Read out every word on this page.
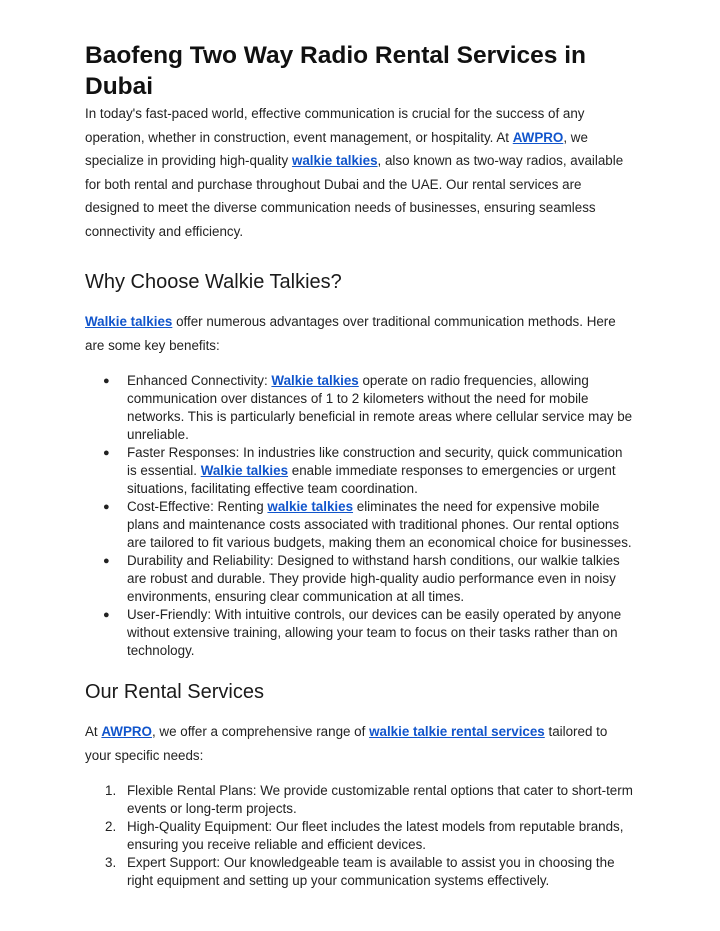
Baofeng Two Way Radio Rental Services in Dubai

In today's fast-paced world, effective communication is crucial for the success of any operation, whether in construction, event management, or hospitality. At AWPRO, we specialize in providing high-quality walkie talkies, also known as two-way radios, available for both rental and purchase throughout Dubai and the UAE. Our rental services are designed to meet the diverse communication needs of businesses, ensuring seamless connectivity and efficiency.

Why Choose Walkie Talkies?

Walkie talkies offer numerous advantages over traditional communication methods. Here are some key benefits:

● Enhanced Connectivity: Walkie talkies operate on radio frequencies, allowing communication over distances of 1 to 2 kilometers without the need for mobile networks. This is particularly beneficial in remote areas where cellular service may be unreliable.
● Faster Responses: In industries like construction and security, quick communication is essential. Walkie talkies enable immediate responses to emergencies or urgent situations, facilitating effective team coordination.
● Cost-Effective: Renting walkie talkies eliminates the need for expensive mobile plans and maintenance costs associated with traditional phones. Our rental options are tailored to fit various budgets, making them an economical choice for businesses.
● Durability and Reliability: Designed to withstand harsh conditions, our walkie talkies are robust and durable. They provide high-quality audio performance even in noisy environments, ensuring clear communication at all times.
● User-Friendly: With intuitive controls, our devices can be easily operated by anyone without extensive training, allowing your team to focus on their tasks rather than on technology.
Our Rental Services

At AWPRO, we offer a comprehensive range of walkie talkie rental services tailored to your specific needs:

1. Flexible Rental Plans: We provide customizable rental options that cater to short-term events or long-term projects.
2. High-Quality Equipment: Our fleet includes the latest models from reputable brands, ensuring you receive reliable and efficient devices.
3. Expert Support: Our knowledgeable team is available to assist you in choosing the right equipment and setting up your communication systems effectively.
